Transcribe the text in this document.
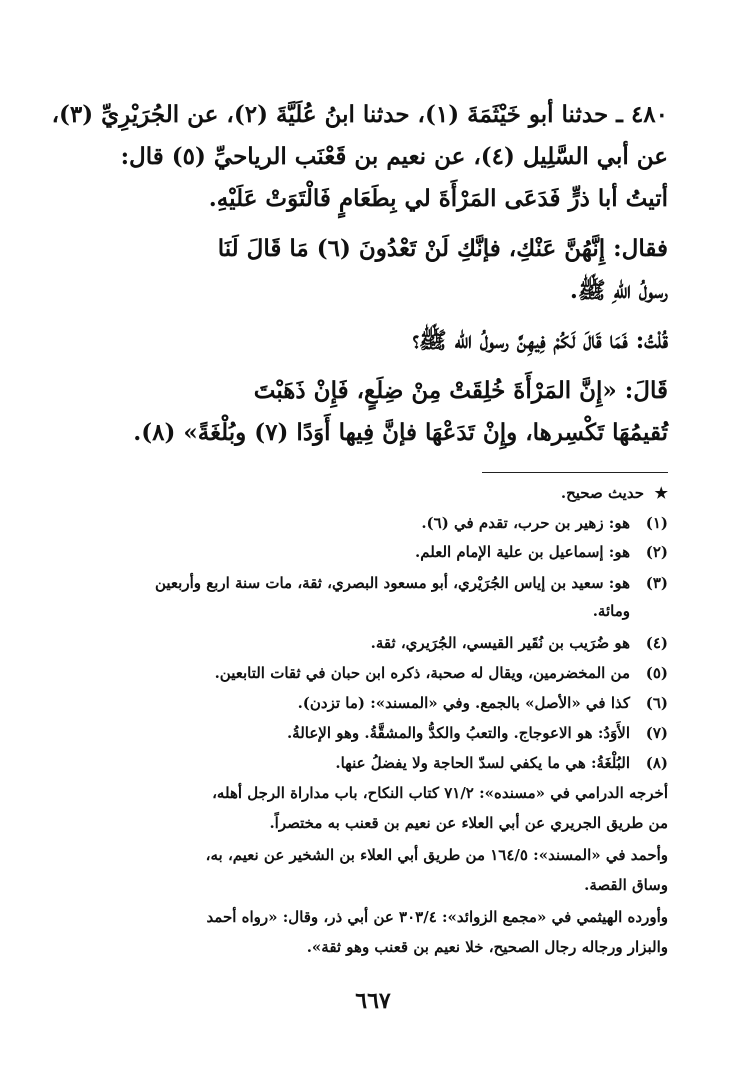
٤٨٠ ـ حدثنا أبو خَيْثَمَةَ (١)، حدثنا ابنُ عُلَيَّةَ (٢)، عن الجُرَيْرِيِّ (٣)،
عن أبي السَّلِيل (٤)، عن نعيم بن قَعْنَب الرياحيِّ (٥) قال:
أتيتُ أبا ذرٍّ فَدَعَى المَرْأَةَ لي بِطَعَامٍ فَالْتَوَتْ عَلَيْهِ.
فقال: إِنَّهُنَّ عَنْكِ، فإنَّكِ لَنْ تَعْدُونَ (٦) مَا قَالَ لَنَا
رسولُ اللهِ ﷺ.
قُلْتُ: فَمَا قَالَ لَكُمْ فِيهِنَّ رسولُ الله ﷺ؟
قَالَ: «إِنَّ المَرْأَةَ خُلِقَتْ مِنْ ضِلَعٍ، فَإِنْ ذَهَبْتَ
تُقيمُهَا تَكْسِرها، وإِنْ تَدَعْهَا فإنَّ فِيها أَوَدًا (٧) وبُلْغَةً» (٨).
★حديث صحيح.
(١)هو: زهير بن حرب، تقدم في (٦).
(٢)هو: إسماعيل بن علية الإمام العلم.
(٣)هو: سعيد بن إياس الجُرَيْري، أبو مسعود البصري، ثقة، مات سنة اربع وأربعين
ومائة.
(٤)هو ضُرَيب بن نُقَير القيسي، الجُرَيري، ثقة.
(٥)من المخضرمين، ويقال له صحبة، ذكره ابن حبان في ثقات التابعين.
(٦)كذا في «الأصل» بالجمع. وفي «المسند»: (ما تزدن).
(٧)الأَوَدُ: هو الاعوجاج. والتعبُ والكدُّ والمشقَّةُ. وهو الإعالةُ.
(٨)البُلْغَةُ: هي ما يكفي لسدّ الحاجة ولا يفضلُ عنها.
أخرجه الدرامي في «مسنده»: ٧١/٢ كتاب النكاح، باب مداراة الرجل أهله،
من طريق الجريري عن أبي العلاء عن نعيم بن قعنب به مختصراً.
وأحمد في «المسند»: ١٦٤/٥ من طريق أبي العلاء بن الشخير عن نعيم، به،
وساق القصة.
وأورده الهيثمي في «مجمع الزوائد»: ٣٠٣/٤ عن أبي ذر، وقال: «رواه أحمد
والبزار ورجاله رجال الصحيح، خلا نعيم بن قعنب وهو ثقة».
٦٦٧
